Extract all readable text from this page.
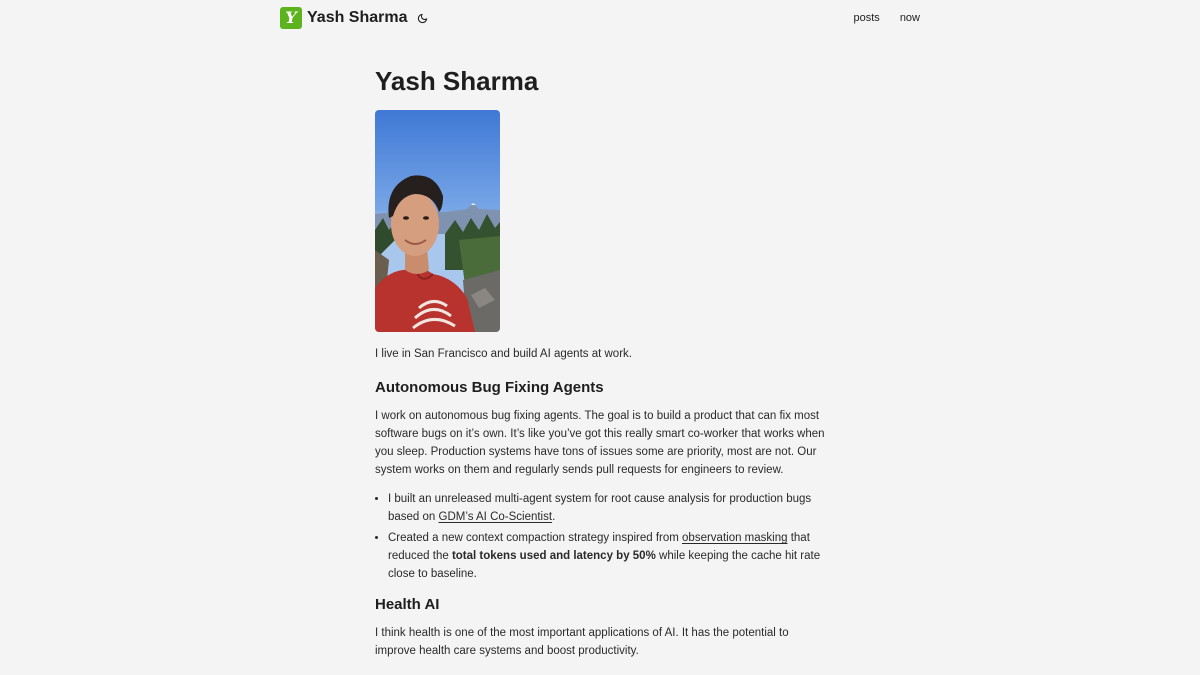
Y Yash Sharma	posts now
Yash Sharma

I live in San Francisco and build AI agents at work.

Autonomous Bug Fixing Agents

I work on autonomous bug fixing agents. The goal is to build a product that can fix most software bugs on it’s own. It’s like you’ve got this really smart co-worker that works when you sleep. Production systems have tons of issues some are priority, most are not. Our system works on them and regularly sends pull requests for engineers to review.

• I built an unreleased multi-agent system for root cause analysis for production bugs based on GDM’s AI Co-Scientist.
• Created a new context compaction strategy inspired from observation masking that reduced the total tokens used and latency by 50% while keeping the cache hit rate close to baseline.
Health AI

I think health is one of the most important applications of AI. It has the potential to improve health care systems and boost productivity.
